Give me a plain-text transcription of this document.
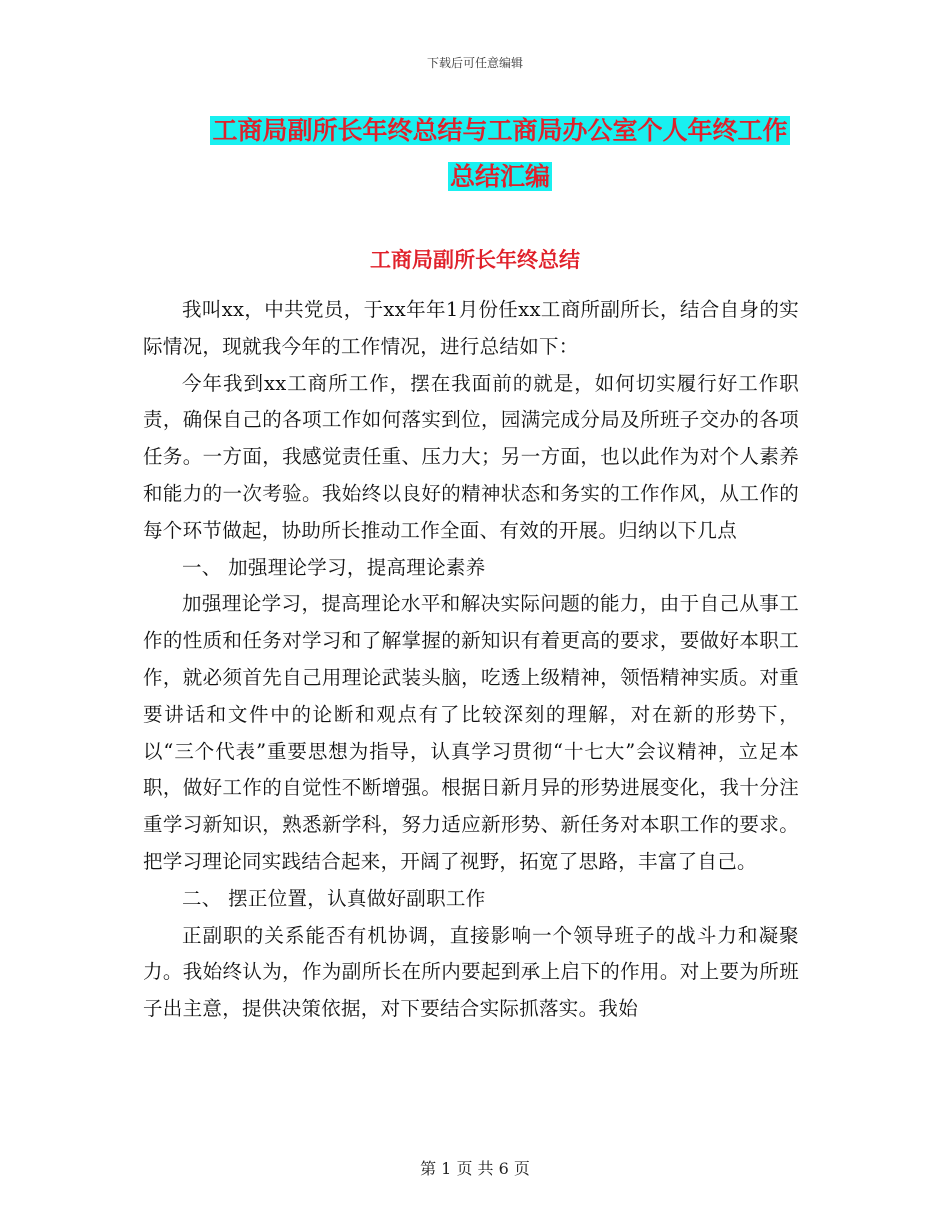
下载后可任意编辑
工商局副所长年终总结与工商局办公室个人年终工作
总结汇编
工商局副所长年终总结

我叫xx，中共党员，于xx年年1月份任xx工商所副所长，结合自身的实际情况，现就我今年的工作情况，进行总结如下：

今年我到xx工商所工作，摆在我面前的就是，如何切实履行好工作职责，确保自己的各项工作如何落实到位，园满完成分局及所班子交办的各项任务。一方面，我感觉责任重、压力大；另一方面，也以此作为对个人素养和能力的一次考验。我始终以良好的精神状态和务实的工作作风，从工作的每个环节做起，协助所长推动工作全面、有效的开展。归纳以下几点

一、 加强理论学习，提高理论素养

加强理论学习，提高理论水平和解决实际问题的能力，由于自己从事工作的性质和任务对学习和了解掌握的新知识有着更高的要求，要做好本职工作，就必须首先自己用理论武装头脑，吃透上级精神，领悟精神实质。对重要讲话和文件中的论断和观点有了比较深刻的理解，对在新的形势下，以“三个代表”重要思想为指导，认真学习贯彻“十七大”会议精神，立足本职，做好工作的自觉性不断增强。根据日新月异的形势进展变化，我十分注重学习新知识，熟悉新学科，努力适应新形势、新任务对本职工作的要求。把学习理论同实践结合起来，开阔了视野，拓宽了思路，丰富了自己。

二、 摆正位置，认真做好副职工作

正副职的关系能否有机协调，直接影响一个领导班子的战斗力和凝聚力。我始终认为，作为副所长在所内要起到承上启下的作用。对上要为所班子出主意，提供决策依据，对下要结合实际抓落实。我始

第 1 页 共 6 页
